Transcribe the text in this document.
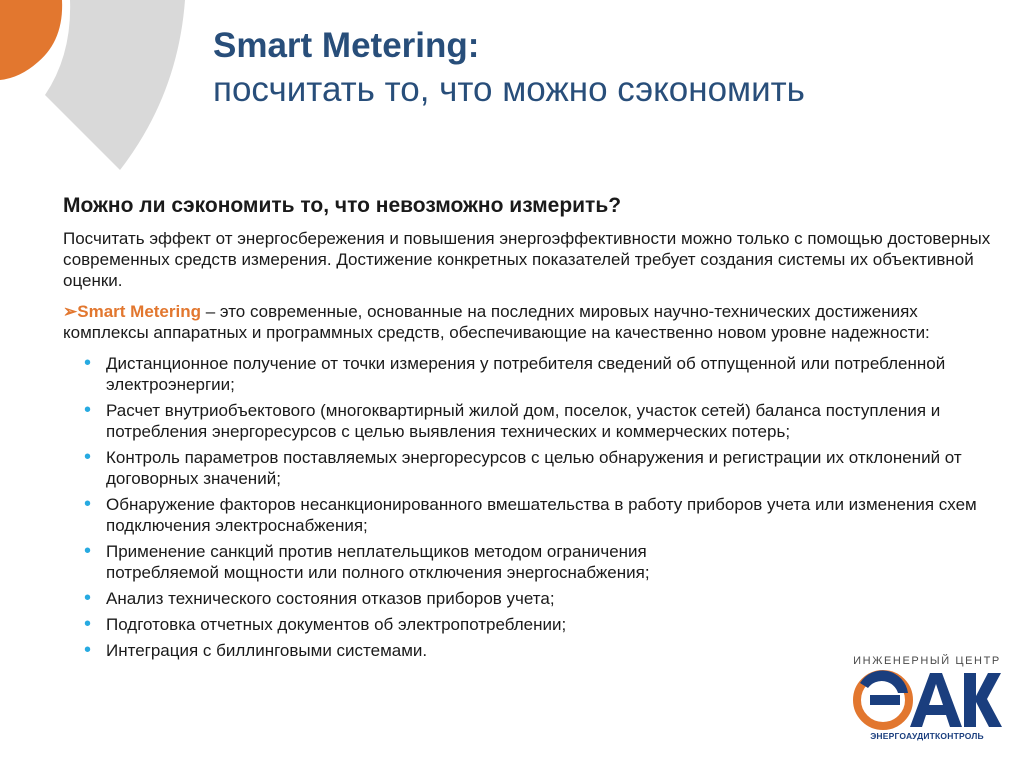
Smart Metering:
посчитать то, что можно сэкономить
Можно ли сэкономить то, что невозможно измерить?

Посчитать эффект от энергосбережения и повышения энергоэффективности можно только с помощью достоверных современных средств измерения. Достижение конкретных показателей требует создания системы их объективной оценки.

➢Smart Metering – это современные, основанные на последних мировых научно-технических достижениях комплексы аппаратных и программных средств, обеспечивающие на качественно новом уровне надежности:

• Дистанционное получение от точки измерения у потребителя сведений об отпущенной или потребленной электроэнергии;
• Расчет внутриобъектового (многоквартирный жилой дом, поселок, участок сетей) баланса поступления и потребления энергоресурсов с целью выявления технических и коммерческих потерь;
• Контроль параметров поставляемых энергоресурсов с целью обнаружения и регистрации их отклонений от договорных значений;
• Обнаружение факторов несанкционированного вмешательства в работу приборов учета или изменения схем подключения электроснабжения;
• Применение санкций против неплательщиков методом ограничения потребляемой мощности или полного отключения энергоснабжения;
• Анализ технического состояния отказов приборов учета;
• Подготовка отчетных документов об электропотреблении;
• Интеграция с биллинговыми системами.
ИНЖЕНЕРНЫЙ ЦЕНТР
ЭНЕРГОАУДИТКОНТРОЛЬ
